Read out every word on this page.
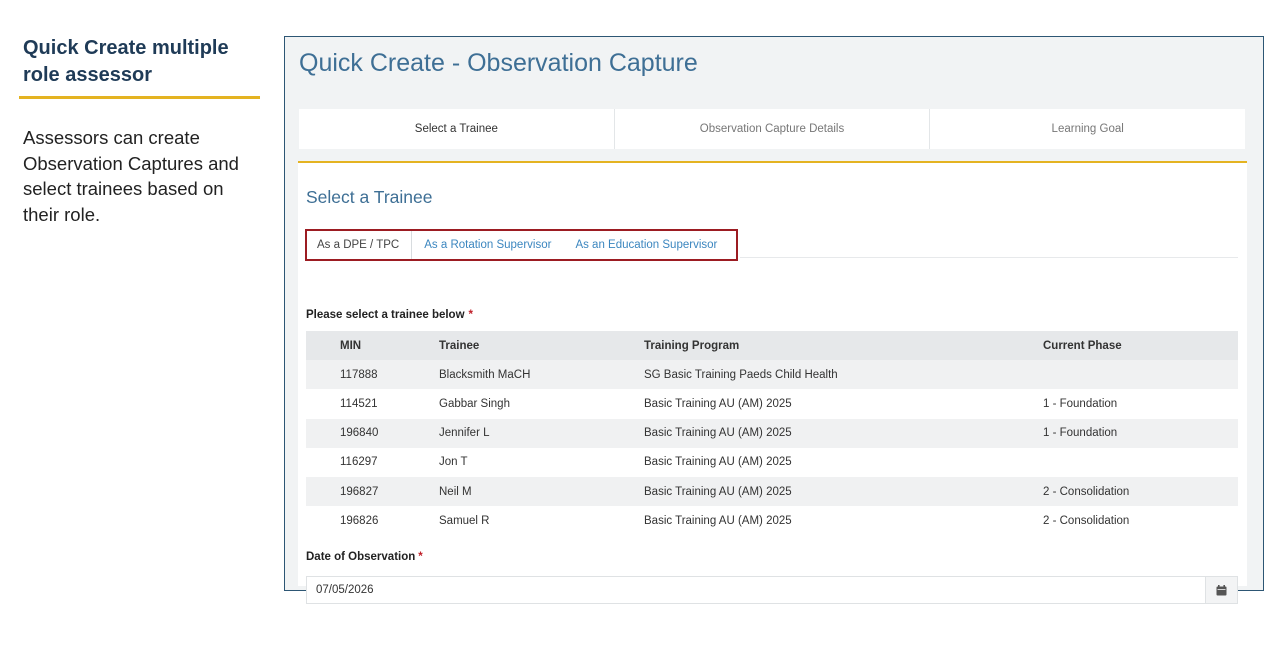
Quick Create multiple role assessor
Assessors can create Observation Captures and select trainees based on their role.
Quick Create - Observation Capture
Select a Trainee	Observation Capture Details	Learning Goal
Select a Trainee
As a DPE / TPC	As a Rotation Supervisor	As an Education Supervisor
Please select a trainee below *
MIN	Trainee	Training Program	Current Phase
117888	Blacksmith MaCH	SG Basic Training Paeds Child Health
114521	Gabbar Singh	Basic Training AU (AM) 2025	1 - Foundation
196840	Jennifer L	Basic Training AU (AM) 2025	1 - Foundation
116297	Jon T	Basic Training AU (AM) 2025
196827	Neil M	Basic Training AU (AM) 2025	2 - Consolidation
196826	Samuel R	Basic Training AU (AM) 2025	2 - Consolidation
Date of Observation *
07/05/2026
